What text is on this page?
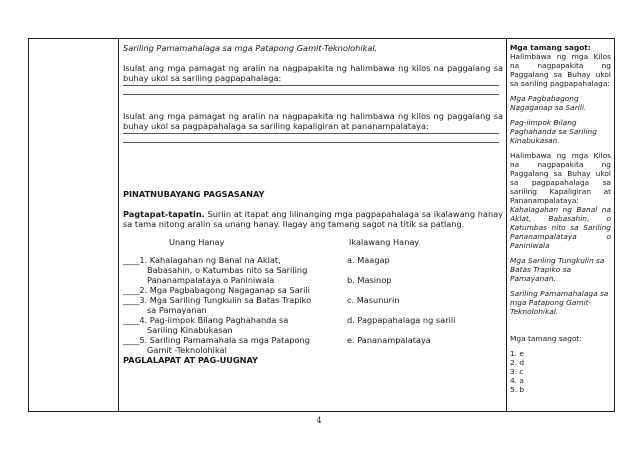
Sariling Pamamahalaga sa mga Patapong Gamit-Teknolohikal.

Isulat ang mga pamagat ng aralin na nagpapakita ng halimbawa ng kilos na paggalang sa buhay ukol sa sariling pagpapahalaga:

Isulat ang mga pamagat ng aralin na nagpapakita ng halimbawa ng kilos ng paggalang sa buhay ukol sa pagpapahalaga sa sariling kapaligiran at pananampalataya:

PINATNUBAYANG PAGSASANAY

Pagtapat-tapatin. Suriin at itapat ang lilinanging mga pagpapahalaga sa ikalawang hanay sa tama nitong aralin sa unang hanay. Ilagay ang tamang sagot na titik sa patlang.

Unang Hanay	Ikalawang Hanay
____1. Kahalagahan ng Banal na Aklat,	a. Maagap
Babasahin, o Katumbas nito sa Sariling
Pananampalataya o Paniniwala	b. Masinop
____2. Mga Pagbabagong Nagaganap sa Sarili
____3. Mga Sariling Tungkulin sa Batas Trapiko	c. Masunurin
sa Pamayanan
____4. Pag-iimpok Bilang Paghahanda sa	d. Pagpapahalaga ng sarili
Sariling Kinabukasan
____5. Sariling Pamamahala sa mga Patapong	e. Pananampalataya
Gamit -Teknolohikal

PAGLALAPAT AT PAG-UUGNAY

Mga tamang sagot:

Halimbawa ng mga Kilos na nagpapakita ng Paggalang sa Buhay ukol sa sariling pagpapahalaga:

Mga Pagbabagong Nagaganap sa Sarili.

Pag-iimpok Bilang Paghahanda sa Sariling Kinabukasan.

Halimbawa ng mga Kilos na nagpapakita ng Paggalang sa Buhay ukol sa pagpapahalaga sa sariling Kapaligiran at Pananampalataya:

Kahalagahan ng Banal na Aklat, Babasahin, o Katumbas nito sa Sariling Pananampalataya o Paniniwala

Mga Sariling Tungkulin sa Batas Trapiko sa Pamayanan.

Sariling Pamamahalaga sa mga Patapong Gamit-Teknolohikal.

Mga tamang sagot:

1. e

2. d

3. c

4. a

5. b

4
